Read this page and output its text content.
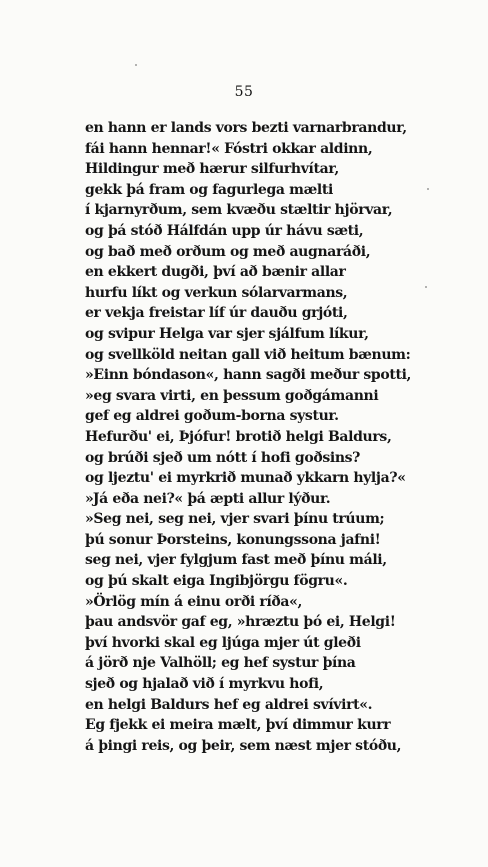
55
en hann er lands vors bezti varnarbrandur,
fái hann hennar!« Fóstri okkar aldinn,
Hildingur með hærur silfurhvítar,
gekk þá fram og fagurlega mælti
í kjarnyrðum, sem kvæðu stæltir hjörvar,
og þá stóð Hálfdán upp úr hávu sæti,
og bað með orðum og með augnaráði,
en ekkert dugði, því að bænir allar
hurfu líkt og verkun sólarvarmans,
er vekja freistar líf úr dauðu grjóti,
og svipur Helga var sjer sjálfum líkur,
og svellköld neitan gall við heitum bænum:
»Einn bóndason«, hann sagði meður spotti,
»eg svara virti, en þessum goðgámanni
gef eg aldrei goðum-borna systur.
Hefurðu' ei, Þjófur! brotið helgi Baldurs,
og brúði sjeð um nótt í hofi goðsins?
og ljeztu' ei myrkrið munað ykkarn hylja?«
»Já eða nei?« þá æpti allur lýður.
»Seg nei, seg nei, vjer svari þínu trúum;
þú sonur Þorsteins, konungssona jafni!
seg nei, vjer fylgjum fast með þínu máli,
og þú skalt eiga Ingibjörgu fögru«.
»Örlög mín á einu orði ríða«,
þau andsvör gaf eg, »hræztu þó ei, Helgi!
því hvorki skal eg ljúga mjer út gleði
á jörð nje Valhöll; eg hef systur þína
sjeð og hjalað við í myrkvu hofi,
en helgi Baldurs hef eg aldrei svívirt«.
Eg fjekk ei meira mælt, því dimmur kurr
á þingi reis, og þeir, sem næst mjer stóðu,
